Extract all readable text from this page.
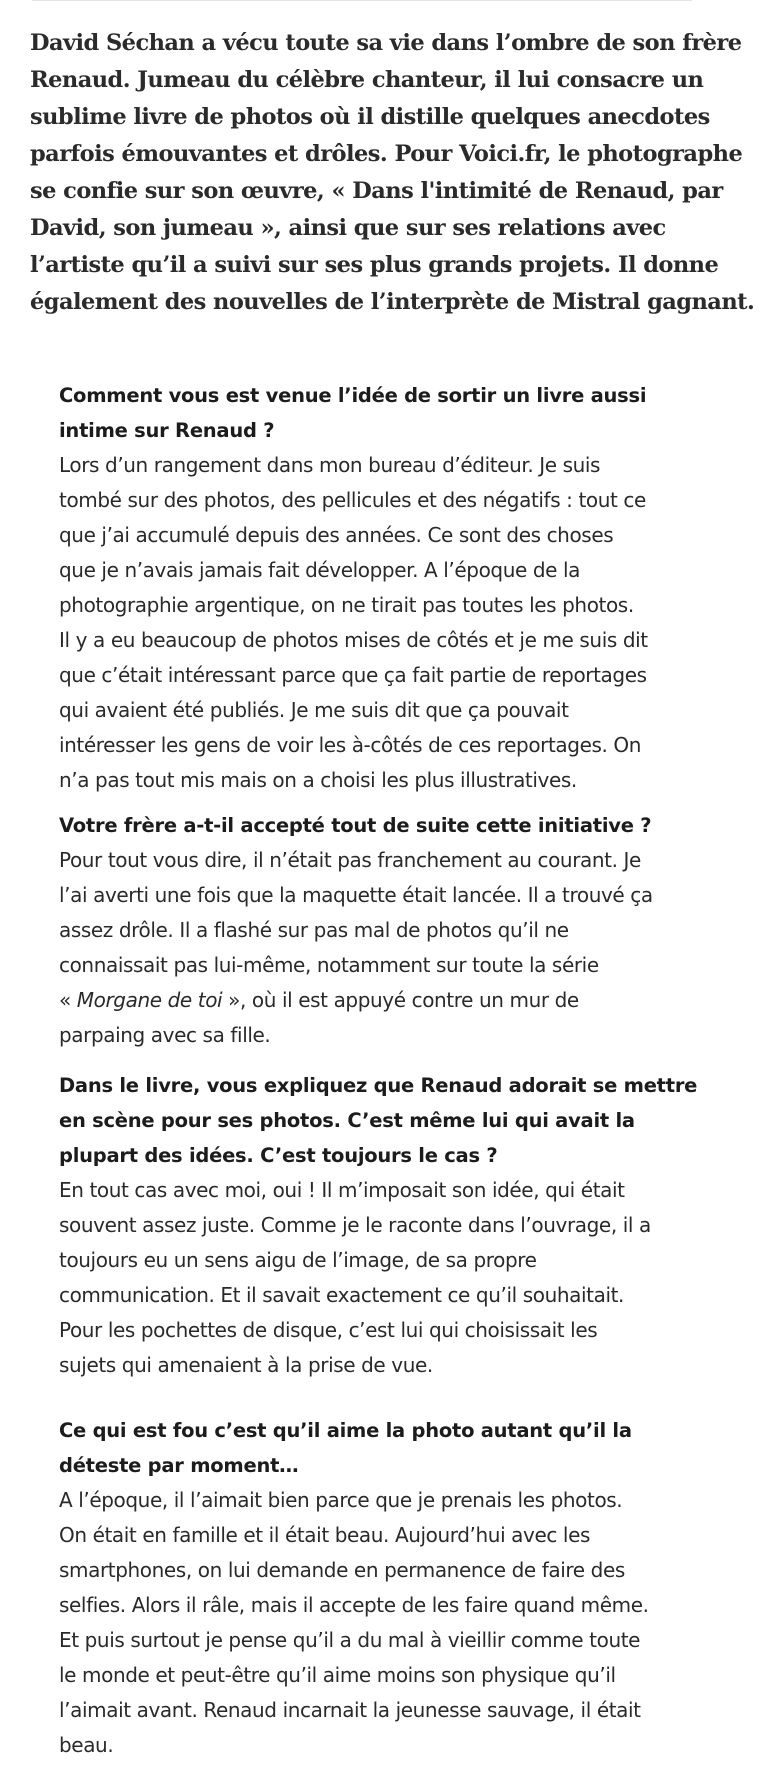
David Séchan a vécu toute sa vie dans l’ombre de son frère
Renaud. Jumeau du célèbre chanteur, il lui consacre un
sublime livre de photos où il distille quelques anecdotes
parfois émouvantes et drôles. Pour Voici.fr, le photographe
se confie sur son œuvre, « Dans l'intimité de Renaud, par
David, son jumeau », ainsi que sur ses relations avec
l’artiste qu’il a suivi sur ses plus grands projets. Il donne
également des nouvelles de l’interprète de Mistral gagnant.

Comment vous est venue l’idée de sortir un livre aussi
intime sur Renaud ?

Lors d’un rangement dans mon bureau d’éditeur. Je suis
tombé sur des photos, des pellicules et des négatifs : tout ce
que j’ai accumulé depuis des années. Ce sont des choses
que je n’avais jamais fait développer. A l’époque de la
photographie argentique, on ne tirait pas toutes les photos.
Il y a eu beaucoup de photos mises de côtés et je me suis dit
que c’était intéressant parce que ça fait partie de reportages
qui avaient été publiés. Je me suis dit que ça pouvait
intéresser les gens de voir les à-côtés de ces reportages. On
n’a pas tout mis mais on a choisi les plus illustratives.

Votre frère a-t-il accepté tout de suite cette initiative ?

Pour tout vous dire, il n’était pas franchement au courant. Je
l’ai averti une fois que la maquette était lancée. Il a trouvé ça
assez drôle. Il a flashé sur pas mal de photos qu’il ne
connaissait pas lui-même, notamment sur toute la série
« Morgane de toi », où il est appuyé contre un mur de
parpaing avec sa fille.

Dans le livre, vous expliquez que Renaud adorait se mettre
en scène pour ses photos. C’est même lui qui avait la
plupart des idées. C’est toujours le cas ?

En tout cas avec moi, oui ! Il m’imposait son idée, qui était
souvent assez juste. Comme je le raconte dans l’ouvrage, il a
toujours eu un sens aigu de l’image, de sa propre
communication. Et il savait exactement ce qu’il souhaitait.
Pour les pochettes de disque, c’est lui qui choisissait les
sujets qui amenaient à la prise de vue.

Ce qui est fou c’est qu’il aime la photo autant qu’il la
déteste par moment…

A l’époque, il l’aimait bien parce que je prenais les photos.
On était en famille et il était beau. Aujourd’hui avec les
smartphones, on lui demande en permanence de faire des
selfies. Alors il râle, mais il accepte de les faire quand même.
Et puis surtout je pense qu’il a du mal à vieillir comme toute
le monde et peut-être qu’il aime moins son physique qu’il
l’aimait avant. Renaud incarnait la jeunesse sauvage, il était
beau.
